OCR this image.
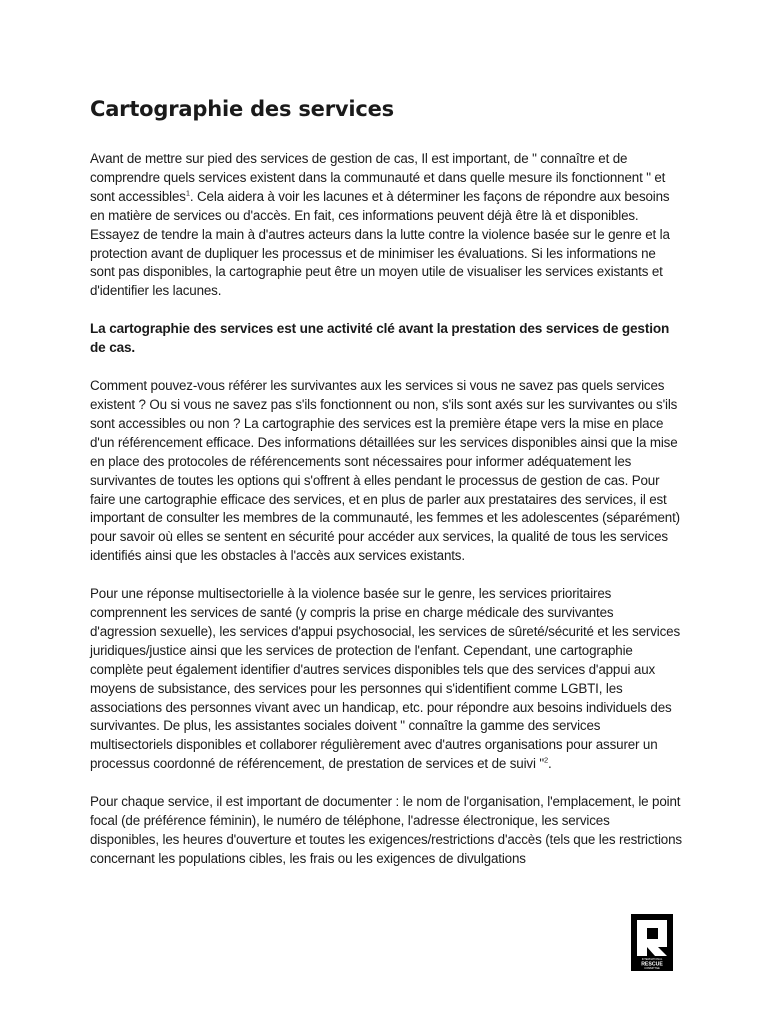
Cartographie des services

Avant de mettre sur pied des services de gestion de cas, Il est important, de " connaître et de comprendre quels services existent dans la communauté et dans quelle mesure ils fonctionnent " et sont accessibles$^1$. Cela aidera à voir les lacunes et à déterminer les façons de répondre aux besoins en matière de services ou d'accès. En fait, ces informations peuvent déjà être là et disponibles. Essayez de tendre la main à d'autres acteurs dans la lutte contre la violence basée sur le genre et la protection avant de dupliquer les processus et de minimiser les évaluations. Si les informations ne sont pas disponibles, la cartographie peut être un moyen utile de visualiser les services existants et d'identifier les lacunes.

La cartographie des services est une activité clé avant la prestation des services de gestion de cas.

Comment pouvez-vous référer les survivantes aux les services si vous ne savez pas quels services existent ? Ou si vous ne savez pas s'ils fonctionnent ou non, s'ils sont axés sur les survivantes ou s'ils sont accessibles ou non ? La cartographie des services est la première étape vers la mise en place d'un référencement efficace. Des informations détaillées sur les services disponibles ainsi que la mise en place des protocoles de référencements sont nécessaires pour informer adéquatement les survivantes de toutes les options qui s'offrent à elles pendant le processus de gestion de cas. Pour faire une cartographie efficace des services, et en plus de parler aux prestataires des services, il est important de consulter les membres de la communauté, les femmes et les adolescentes (séparément) pour savoir où elles se sentent en sécurité pour accéder aux services, la qualité de tous les services identifiés ainsi que les obstacles à l'accès aux services existants.

Pour une réponse multisectorielle à la violence basée sur le genre, les services prioritaires comprennent les services de santé (y compris la prise en charge médicale des survivantes d'agression sexuelle), les services d'appui psychosocial, les services de sûreté/sécurité et les services juridiques/justice ainsi que les services de protection de l'enfant. Cependant, une cartographie complète peut également identifier d'autres services disponibles tels que des services d'appui aux moyens de subsistance, des services pour les personnes qui s'identifient comme LGBTI, les associations des personnes vivant avec un handicap, etc. pour répondre aux besoins individuels des survivantes. De plus, les assistantes sociales doivent " connaître la gamme des services multisectoriels disponibles et collaborer régulièrement avec d'autres organisations pour assurer un processus coordonné de référencement, de prestation de services et de suivi "$^2$.

Pour chaque service, il est important de documenter : le nom de l'organisation, l'emplacement, le point focal (de préférence féminin), le numéro de téléphone, l'adresse électronique, les services disponibles, les heures d'ouverture et toutes les exigences/restrictions d'accès (tels que les restrictions concernant les populations cibles, les frais ou les exigences de divulgations

INTERNATIONAL
RESCUE
COMMITTEE
